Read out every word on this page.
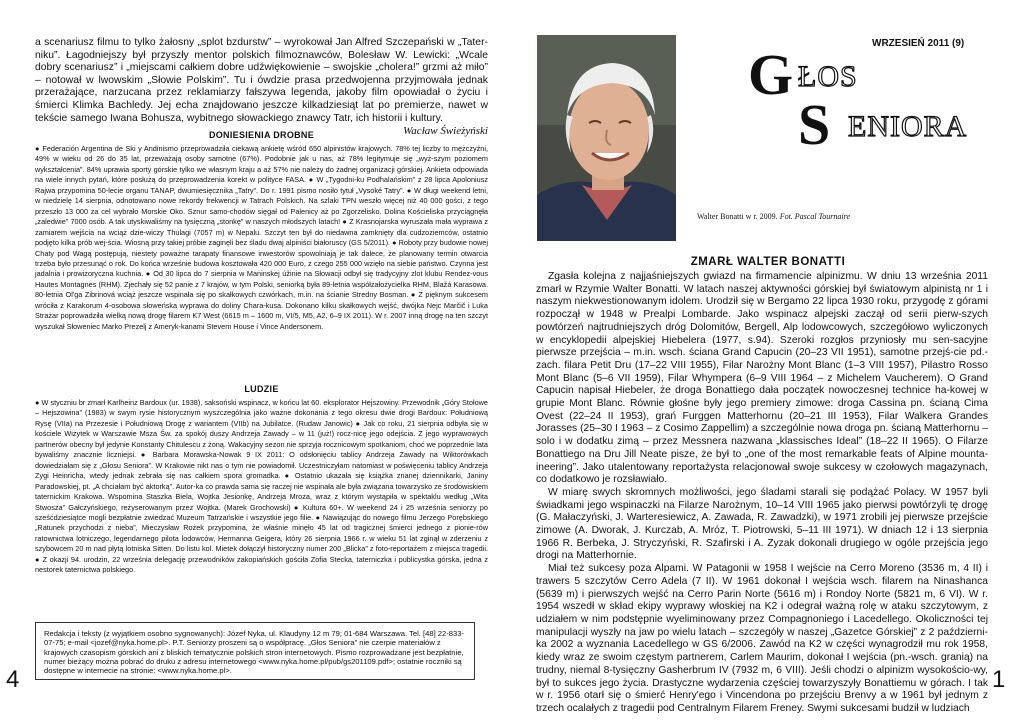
a scenariusz filmu to tylko żałosny „splot bzdurstw” – wyrokował Jan Alfred Szczepański w „Tater-niku”. Łagodniejszy był przyszły mentor polskich filmoznawców, Bolesław W. Lewicki: „Wcale dobry scenariusz” i „miejscami całkiem dobre udźwiękowienie – swojskie „cholera!” grzmi aż miło” – notował w lwowskim „Słowie Polskim”. Tu i ówdzie prasa przedwojenna przyjmowała jednak przerażające, narzucana przez reklamiarzy fałszywa legenda, jakoby film opowiadał o życiu i śmierci Klimka Bachledy. Jej echa znajdowano jeszcze kilkadziesiąt lat po premierze, nawet w tekście samego Iwana Bohusza, wybitnego słowackiego znawcy Tatr, ich historii i kultury.
Wacław Świeżyński
DONIESIENIA DROBNE
● Federación Argentina de Ski y Andinismo przeprowadziła ciekawą ankietę wśród 650 alpinistów krajowych. 78% tej liczby to mężczyźni, 49% w wieku od 26 do 35 lat, przeważają osoby samotne (67%). Podobnie jak u nas, aż 78% legitymuje się „wyż-szym poziomem wykształcenia”. 84% uprawia sporty górskie tylko we własnym kraju a aż 57% nie należy do żadnej organizacji górskiej. Ankieta odpowiada na wiele innych pytań, które posłużą do przeprowadzenia korekt w polityce FASA. ● W „Tygodni-ku Podhalańskim” z 28 lipca Apoloniusz Rajwa przypomina 50-lecie organu TANAP, dwumiesięcznika „Tatry”. Do r. 1991 pismo nosiło tytuł „Vysoké Tatry”. ● W długi weekend letni, w niedzielę 14 sierpnia, odnotowano nowe rekordy frekwencji w Tatrach Polskich. Na szlaki TPN weszło więcej niż 40 000 gości, z tego przeszło 13 000 za cel wybrało Morskie Oko. Sznur samo-chodów sięgał od Palenicy aż po Zgorzelisko. Dolina Kościeliska przyciągnęła „zaledwie” 7000 osób. A tak utyskiwaliśmy na tysięczną „stonkę” w naszych młodszych latach! ● Z Krasnojarska wyruszała mała wyprawa z zamiarem wejścia na wciąż dzie-wiczy Thulagi (7057 m) w Nepalu. Szczyt ten był do niedawna zamknięty dla cudzoziemców, ostatnio podjęto kilka prób wej-ścia. Wiosną przy takiej próbie zaginęli bez śladu dwaj alpiniści białoruscy (GS 5/2011). ● Roboty przy budowie nowej Chaty pod Wagą postępują, niestety poważne tarapaty finansowe inwestorów spowolniają je tak dalece, że planowany termin otwarcia trzeba było przesunąć o rok. Do końca wrześnie budowa kosztowała 420 000 Euro, z czego 255 000 wzięło na siebie państwo. Czynna jest jadalnia i prowizoryczna kuchnia. ● Od 30 lipca do 7 sierpnia w Maninskej úžinie na Słowacji odbył się tradycyjny zlot klubu Rendez-vous Hautes Montagnes (RHM). Zjechały się 52 panie z 7 krajów, w tym Polski, seniorką była 89-letnia współzałożycielka RHM, Blažá Karasowa. 80-letnia Ol'ga Zibrinová wciąż jeszcze wspinała się po skałkowych czwórkach, m.in. na ścianie Stredny Bosman. ● Z pięknym sukcesem wróciła z Karakorum 4-osobowa słoweńska wyprawa do doliny Chara-kusa. Dokonano kilku skałkowych wejść, dwójka Nejc Marčič i Luka Strażar poprowadziła wielką nową drogę filarem K7 West (6615 m – 1600 m, VI/5, M5, A2, 6–9 IX 2011). W r. 2007 inną drogę na ten szczyt wyszukał Słoweniec Marko Prezelj z Ameryk-kanami Stevem House i Vince Andersonem.
LUDZIE
● W styczniu br zmarł Karlheinz Bardoux (ur. 1938), saksoński wspinacz, w końcu lat 60. eksplorator Hejszowiny. Przewodnik „Góry Stołowe – Hejszowina” (1983) w swym rysie historycznym wyszczególnia jako ważne dokonania z tego okresu dwie drogi Bardoux: Południową Rysę (VIIa) na Przezesie i Południową Drogę z wariantem (VIIb) na Jubilatce. (Rudaw Janowic) ● Jak co roku, 21 sierpnia odbyła się w kościele Wizytek w Warszawie Msza Św. za spokój duszy Andrzeja Zawady – w 11 (już!) rocz-nicę jego odejścia. Z jego wyprawowych partnerów obecny był jedynie Konstanty Chitulescu z żoną. Wakacyjny sezon nie sprzyja rocznicowym spotkaniom, choć we poprzednie lata bywaliśmy znacznie liczniejsi. ● Barbara Morawska-Nowak 9 IX 2011: O odsłonięciu tablicy Andrzeja Zawady na Wiktorówkach dowiedziałam się z „Głosu Seniora”. W Krakowie nikt nas o tym nie powiadomił. Uczestniczyłam natomiast w poświęceniu tablicy Andrzeja Zygi Heinricha, wtedy jednak zebrała się nas całkiem spora gromadka. ● Ostatnio ukazała się książka znanej dziennikarki, Janiny Paradowskiej, pt. „A chciałam być aktorką”. Autor-ka co prawda sama się raczej nie wspinała ale była związana towarzysko ze środowiskiem taternickim Krakowa. Wspomina Staszka Biela, Wojtka Jesionkę, Andrzeja Mroza, wraz z którym wystąpiła w spektaklu według „Wita Stwosza” Gałczyńskiego, reżyserowanym przez Wojtka. (Marek Grochowski) ● Kultura 60+. W weekend 24 i 25 września seniorzy po sześćdziesiątce mogli bezpłatnie zwiedzać Muzeum Tatrzańskie i wszystkie jego filie. ● Nawiązując do nowego filmu Jerzego Porębskiego „Ratunek przychodzi z nieba”, Mieczysław Rożek przypomina, że właśnie minęło 45 lat od tragicznej śmierci jednego z pionie-rów ratownictwa lotniczego, legendarnego pilota lodowców, Hermanna Geigera, który 26 sierpnia 1966 r. w wieku 51 lat zginął w zderzeniu z szybowcem 20 m nad płytą lotniska Sitten. Do listu kol. Mietek dołączył historyczny numer 200 „Blicka” z foto-reportażem z miejsca tragedii. ● Z okazji 94. urodzin, 22 września delegację przewodników zakopiańskich gościła Zofia Stecka, taterniczka i publicystka górska, jedna z nestorek taternictwa polskiego.
Redakcja i teksty (z wyjątkiem osobno sygnowanych): Józef Nyka, ul. Klaudyny 12 m 79; 01-684 Warszawa. Tel. [48] 22-833-07-75; e-mail <jozef@nyka.home.pl>. P.T. Seniorzy proszeni są o współpracę. „Głos Seniora” nie czerpie materiałów z krajowych czasopism górskich ani z bliskich tematycznie polskich stron internetowych. Pismo rozprowadzane jest bezpłatnie, numer bieżący można pobrać do druku z adresu internetowego <www.nyka.home.pl/pub/gs201109.pdf>; ostatnie roczniki są dostępne w internecie na stronie: <www.nyka.home.pl>.
4
WRZESIEŃ 2011 (9)
G ŁOS
S ENIORA
Walter Bonatti w r. 2009. Fot. Pascal Tournaire
ZMARŁ WALTER BONATTI

Zgasła kolejna z najjaśniejszych gwiazd na firmamencie alpinizmu. W dniu 13 września 2011 zmarł w Rzymie Walter Bonatti. W latach naszej aktywności górskiej był światowym alpinistą nr 1 i naszym niekwestionowanym idolem. Urodził się w Bergamo 22 lipca 1930 roku, przygodę z górami rozpoczął w 1948 w Prealpi Lombarde. Jako wspinacz alpejski zaczął od serii pierw-szych powtórzeń najtrudniejszych dróg Dolomitów, Bergell, Alp lodowcowych, szczegółowo wyliczonych w encyklopedii alpejskiej Hiebelera (1977, s.94). Szeroki rozgłos przyniosły mu sen-sacyjne pierwsze przejścia – m.in. wsch. ściana Grand Capucin (20–23 VII 1951), samotne przejś-cie pd.-zach. filara Petit Dru (17–22 VIII 1955), Filar Narożny Mont Blanc (1–3 VIII 1957), Pilastro Rosso Mont Blanc (5–6 VII 1959), Filar Whympera (6–9 VIII 1964 – z Michelem Vaucherem). O Grand Capucin napisał Hiebeler, że droga Bonattiego dała początek nowoczesnej technice ha-kowej w grupie Mont Blanc. Równie głośne były jego premiery zimowe: droga Cassina pn. ścianą Cima Ovest (22–24 II 1953), grań Furggen Matterhornu (20–21 III 1953), Filar Walkera Grandes Jorasses (25–30 I 1963 – z Cosimo Zappellim) a szczególnie nowa droga pn. ścianą Matterhornu – solo i w dodatku zimą – przez Messnera nazwana „klassisches Ideal” (18–22 II 1965). O Filarze Bonattiego na Dru Jill Neate pisze, że był to „one of the most remarkable feats of Alpine mounta-ineering”. Jako utalentowany reportażysta relacjonował swoje sukcesy w czołowych magazynach, co dodatkowo je rozsławiało.

W miarę swych skromnych możliwości, jego śladami starali się podążać Polacy. W 1957 byli świadkami jego wspinaczki na Filarze Narożnym, 10–14 VIII 1965 jako pierwsi powtórzyli tę drogę (G. Małaczyński, J. Warteresiewicz, A. Zawada, R. Zawadzki), w 1971 zrobili jej pierwsze przejście zimowe (A. Dworak, J. Kurczab, A. Mróz, T. Piotrowski, 5–11 III 1971). W dniach 12 i 13 sierpnia 1966 R. Berbeka, J. Stryczyński, R. Szafirski i A. Zyzak dokonali drugiego w ogóle przejścia jego drogi na Matterhornie.

Miał też sukcesy poza Alpami. W Patagonii w 1958 I wejście na Cerro Moreno (3536 m, 4 II) i trawers 5 szczytów Cerro Adela (7 II). W 1961 dokonał I wejścia wsch. filarem na Ninashanca (5639 m) i pierwszych wejść na Cerro Parin Norte (5616 m) i Rondoy Norte (5821 m, 6 VI). W r. 1954 wszedł w skład ekipy wyprawy włoskiej na K2 i odegrał ważną rolę w ataku szczytowym, z udziałem w nim podstępnie wyeliminowany przez Compagnoniego i Lacedellego. Okoliczności tej manipulacji wyszły na jaw po wielu latach – szczegóły w naszej „Gazetce Górskiej” z 2 październi-ka 2002 a wyznania Lacedellego w GS 6/2006. Zawód na K2 w części wynagrodził mu rok 1958, kiedy wraz ze swoim częstym partnerem, Carlem Maurim, dokonał I wejścia (pn.-wsch. granią) na trudny, niemal 8-tysięczny Gasherbrum IV (7932 m, 6 VIII). Jeśli chodzi o alpinizm wysokościo-wy, był to sukces jego życia. Drastyczne wydarzenia częściej towarzyszyły Bonattiemu w górach. I tak w r. 1956 otarł się o śmierć Henry'ego i Vincendona po przejściu Brenvy a w 1961 był jednym z trzech ocalałych z tragedii pod Centralnym Filarem Freney. Swymi sukcesami budził w ludziach

1
